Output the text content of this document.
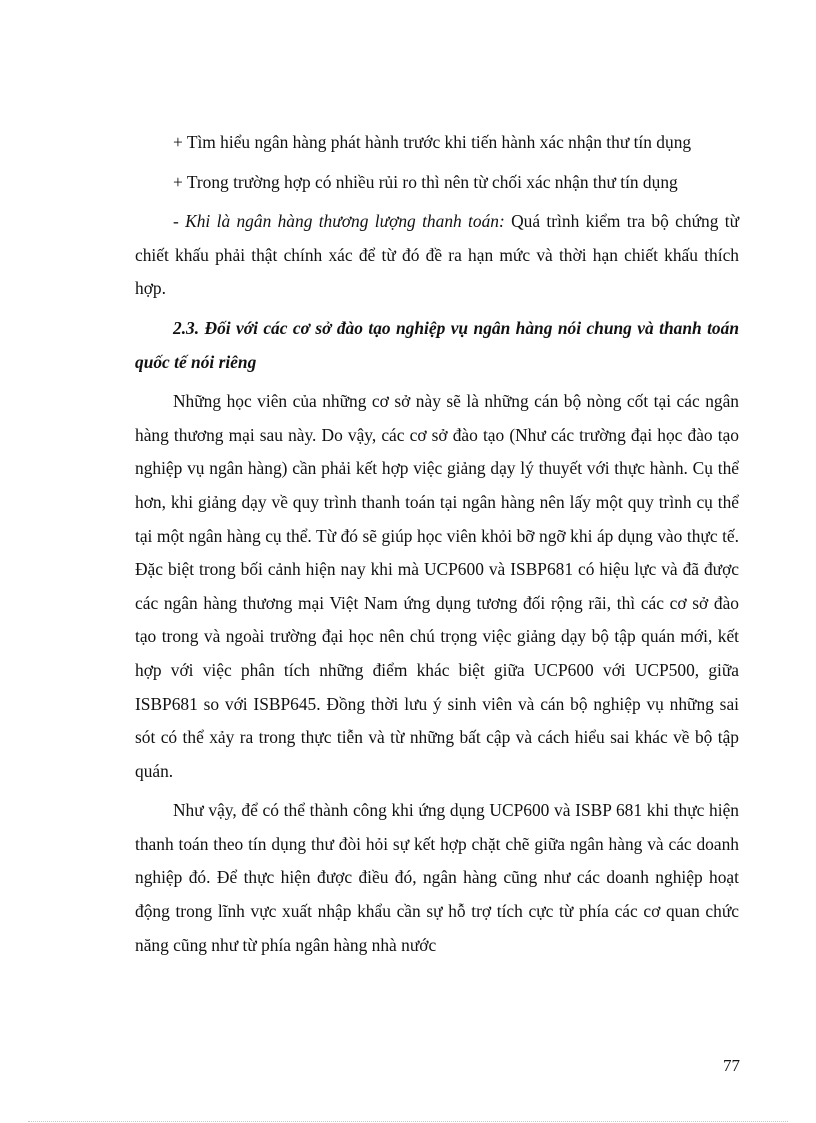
+ Tìm hiểu ngân hàng phát hành trước khi tiến hành xác nhận thư tín dụng

+ Trong trường hợp có nhiều rủi ro thì nên từ chối xác nhận thư tín dụng

- Khi là ngân hàng thương lượng thanh toán: Quá trình kiểm tra bộ chứng từ chiết khấu phải thật chính xác để từ đó đề ra hạn mức và thời hạn chiết khấu thích hợp.

2.3. Đối với các cơ sở đào tạo nghiệp vụ ngân hàng nói chung và thanh toán quốc tế nói riêng

Những học viên của những cơ sở này sẽ là những cán bộ nòng cốt tại các ngân hàng thương mại sau này. Do vậy, các cơ sở đào tạo (Như các trường đại học đào tạo nghiệp vụ ngân hàng) cần phải kết hợp việc giảng dạy lý thuyết với thực hành. Cụ thể hơn, khi giảng dạy về quy trình thanh toán tại ngân hàng nên lấy một quy trình cụ thể tại một ngân hàng cụ thể. Từ đó sẽ giúp học viên khỏi bỡ ngỡ khi áp dụng vào thực tế. Đặc biệt trong bối cảnh hiện nay khi mà UCP600 và ISBP681 có hiệu lực và đã được các ngân hàng thương mại Việt Nam ứng dụng tương đối rộng rãi, thì các cơ sở đào tạo trong và ngoài trường đại học nên chú trọng việc giảng dạy bộ tập quán mới, kết hợp với việc phân tích những điểm khác biệt giữa UCP600 với UCP500, giữa ISBP681 so với ISBP645. Đồng thời lưu ý sinh viên và cán bộ nghiệp vụ những sai sót có thể xảy ra trong thực tiễn và từ những bất cập và cách hiểu sai khác về bộ tập quán.

Như vậy, để có thể thành công khi ứng dụng UCP600 và ISBP 681 khi thực hiện thanh toán theo tín dụng thư đòi hỏi sự kết hợp chặt chẽ giữa ngân hàng và các doanh nghiệp đó. Để thực hiện được điều đó, ngân hàng cũng như các doanh nghiệp hoạt động trong lĩnh vực xuất nhập khẩu cần sự hỗ trợ tích cực từ phía các cơ quan chức năng cũng như từ phía ngân hàng nhà nước

77
